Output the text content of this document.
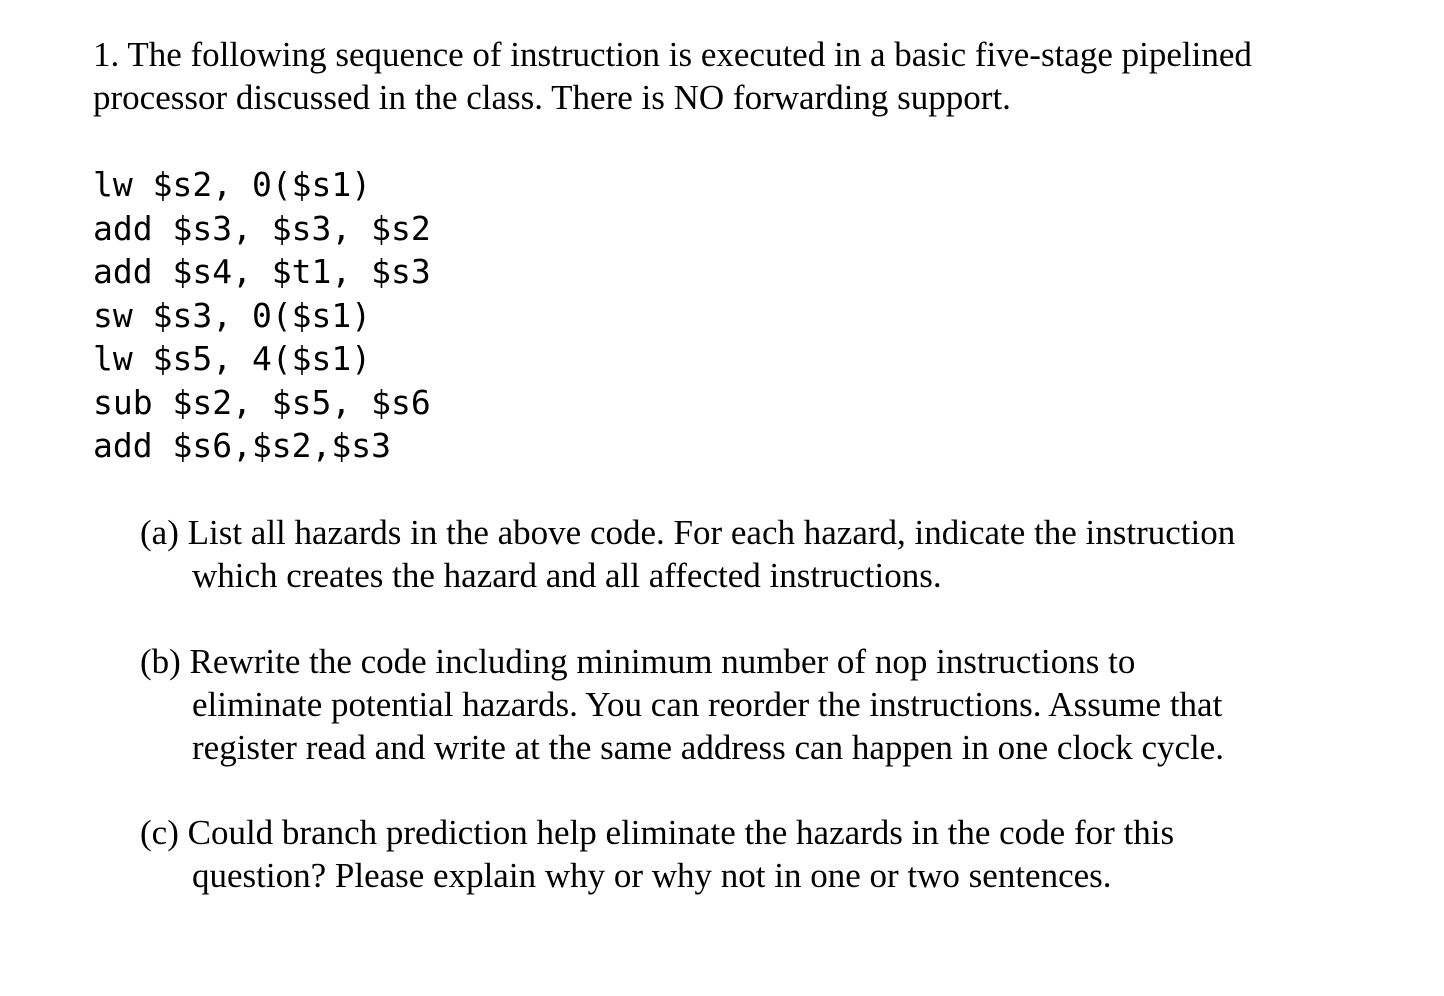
1. The following sequence of instruction is executed in a basic five-stage pipelined
processor discussed in the class. There is NO forwarding support.

lw $s2, 0($s1)
add $s3, $s3, $s2
add $s4, $t1, $s3
sw $s3, 0($s1)
lw $s5, 4($s1)
sub $s2, $s5, $s6
add $s6,$s2,$s3

(a) List all hazards in the above code. For each hazard, indicate the instruction
which creates the hazard and all affected instructions.

(b) Rewrite the code including minimum number of nop instructions to
eliminate potential hazards. You can reorder the instructions. Assume that
register read and write at the same address can happen in one clock cycle.

(c) Could branch prediction help eliminate the hazards in the code for this
question? Please explain why or why not in one or two sentences.
